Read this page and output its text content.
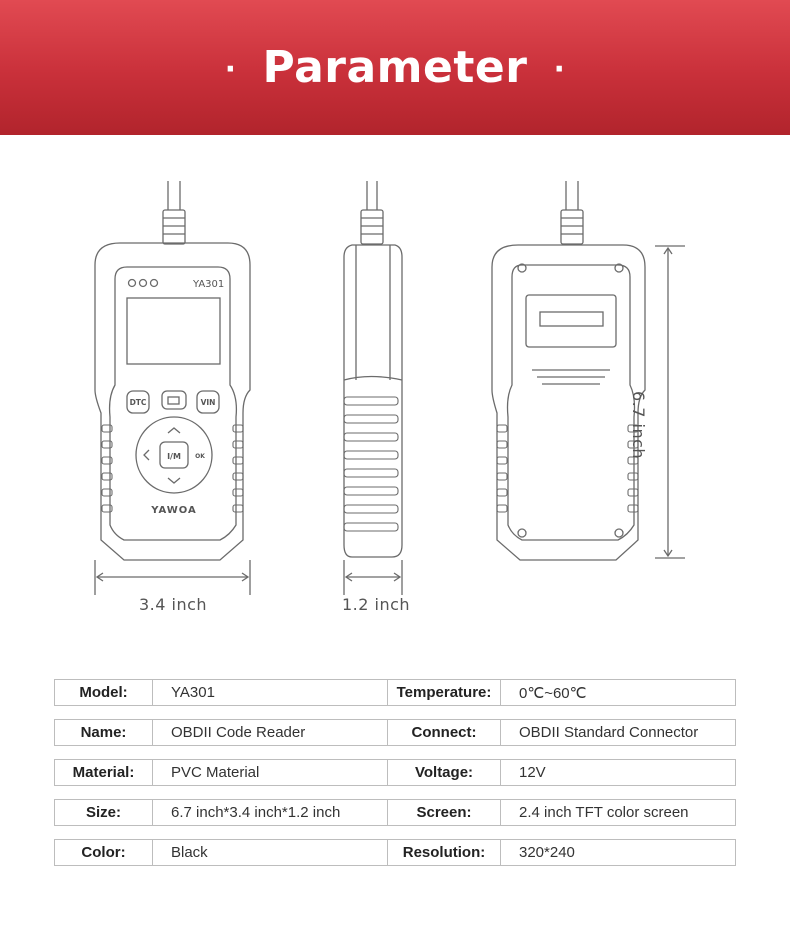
· Parameter ·
YA301
DTC	VIN
I/M OK
YAWOA
3.4 inch	1.2 inch
6.7 inch
Model:	YA301	Temperature:	0℃~60℃
Name:	OBDII Code Reader	Connect:	OBDII Standard Connector
Material:	PVC Material	Voltage:	12V
Size:	6.7 inch*3.4 inch*1.2 inch	Screen:	2.4 inch TFT color screen
Color:	Black	Resolution:	320*240
